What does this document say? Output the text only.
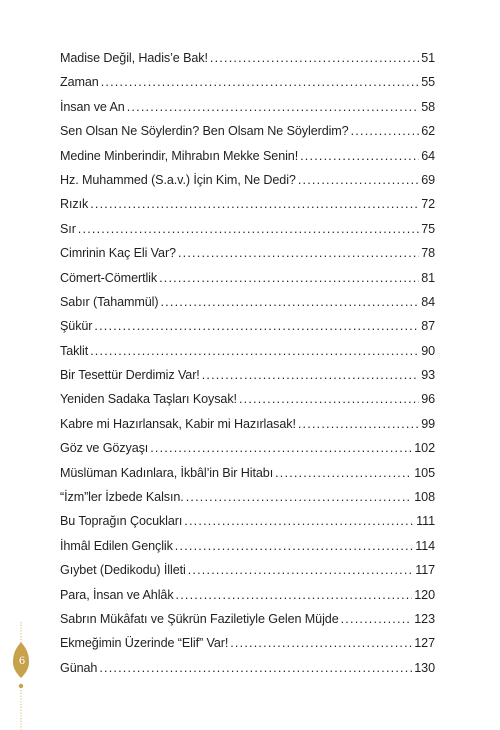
Madise Değil, Hadis’e Bak! .....	51
Zaman .....	55
İnsan ve An .....	58
Sen Olsan Ne Söylerdin? Ben Olsam Ne Söylerdim? .....	62
Medine Minberindir, Mihrabın Mekke Senin! .....	64
Hz. Muhammed (S.a.v.) İçin Kim, Ne Dedi? .....	69
Rızık .....	72
Sır .....	75
Cimrinin Kaç Eli Var? .....	78
Cömert-Cömertlik .....	81
Sabır (Tahammül) .....	84
Şükür .....	87
Taklit .....	90
Bir Tesettür Derdimiz Var! .....	93
Yeniden Sadaka Taşları Koysak! .....	96
Kabre mi Hazırlansak, Kabir mi Hazırlasak! .....	99
Göz ve Gözyaşı .....	102
Müslüman Kadınlara, İkbâl’in Bir Hitabı .....	105
“İzm”ler İzbede Kalsın. .....	108
Bu Toprağın Çocukları .....	111
İhmâl Edilen Gençlik .....	114
Gıybet (Dedikodu) İlleti .....	117
Para, İnsan ve Ahlâk .....	120
Sabrın Mükâfatı ve Şükrün Faziletiyle Gelen Müjde .....	123
Ekmeğimin Üzerinde “Elif” Var! .....	127
Günah .....	130
6
